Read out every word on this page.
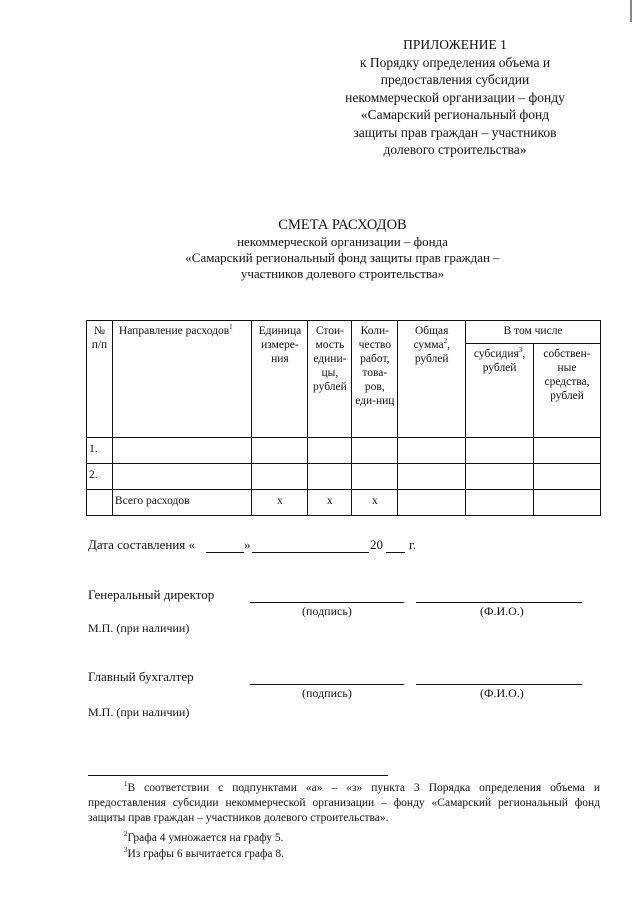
ПРИЛОЖЕНИЕ 1
к Порядку определения объема и
предоставления субсидии
некоммерческой организации – фонду
«Самарский региональный фонд
защиты прав граждан – участников
долевого строительства»
СМЕТА РАСХОДОВ
некоммерческой организации – фонда
«Самарский региональный фонд защиты прав граждан –
участников долевого строительства»
№ п/п	Направление расходов$^1$	Единица измере-ния	Стои-мость едини-цы, рублей	Коли-чество работ, това-ров, еди-ниц	Общая сумма$^2$, рублей	В том числе	
						субсидия$^3$, рублей	собствен-ные средства, рублей
1.							
2.							
	Всего расходов	х	х	х			
Дата составления «	»	20 г.
Генеральный директор
(подпись)	(Ф.И.О.)
М.П. (при наличии)
Главный бухгалтер
(подпись)	(Ф.И.О.)
М.П. (при наличии)
$^1$В соответствии с подпунктами «а» – «з» пункта 3 Порядка определения объема и предоставления субсидии некоммерческой организации – фонду «Самарский региональный фонд защиты прав граждан – участников долевого строительства».
$^2$Графа 4 умножается на графу 5.
$^3$Из графы 6 вычитается графа 8.
